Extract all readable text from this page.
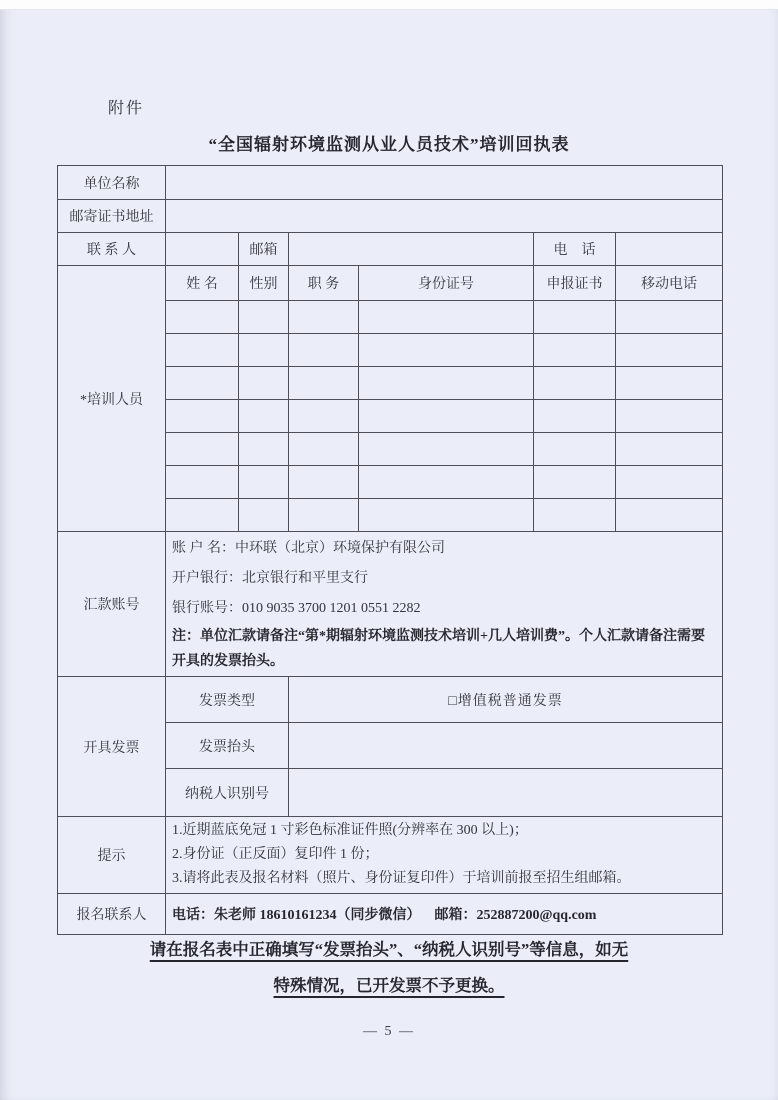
附件
“全国辐射环境监测从业人员技术”培训回执表
单位名称						
邮寄证书地址						
联 系 人		邮箱			电　话	
*培训人员	姓 名	性别	职 务	身份证号	申报证书	移动电话

汇款账号	账 户 名：中环联（北京）环境保护有限公司
开户银行：北京银行和平里支行
银行账号：010 9035 3700 1201 0551 2282
注：单位汇款请备注“第*期辐射环境监测技术培训+几人培训费”。个人汇款请备注需要开具的发票抬头。					

开具发票	发票类型		□增值税普通发票			
	发票抬头					
	纳税人识别号					
提示	1.近期蓝底免冠 1 寸彩色标准证件照(分辨率在 300 以上)；
2.身份证（正反面）复印件 1 份；
3.请将此表及报名材料（照片、身份证复印件）于培训前报至招生组邮箱。					

报名联系人	电话：朱老师 18610161234（同步微信）    邮箱：252887200@qq.com					
请在报名表中正确填写“发票抬头”、“纳税人识别号”等信息，如无
特殊情况，已开发票不予更换。
— 5 —
